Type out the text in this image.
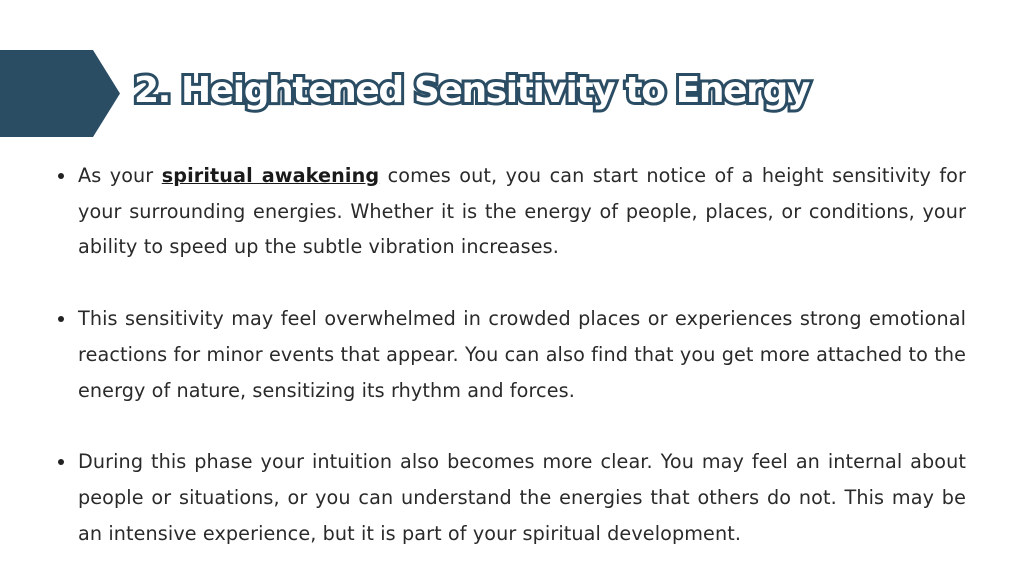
2. Heightened Sensitivity to Energy
As your spiritual awakening comes out, you can start notice of a height sensitivity for your surrounding energies. Whether it is the energy of people, places, or conditions, your ability to speed up the subtle vibration increases.
This sensitivity may feel overwhelmed in crowded places or experiences strong emotional reactions for minor events that appear. You can also find that you get more attached to the energy of nature, sensitizing its rhythm and forces.
During this phase your intuition also becomes more clear. You may feel an internal about people or situations, or you can understand the energies that others do not. This may be an intensive experience, but it is part of your spiritual development.
